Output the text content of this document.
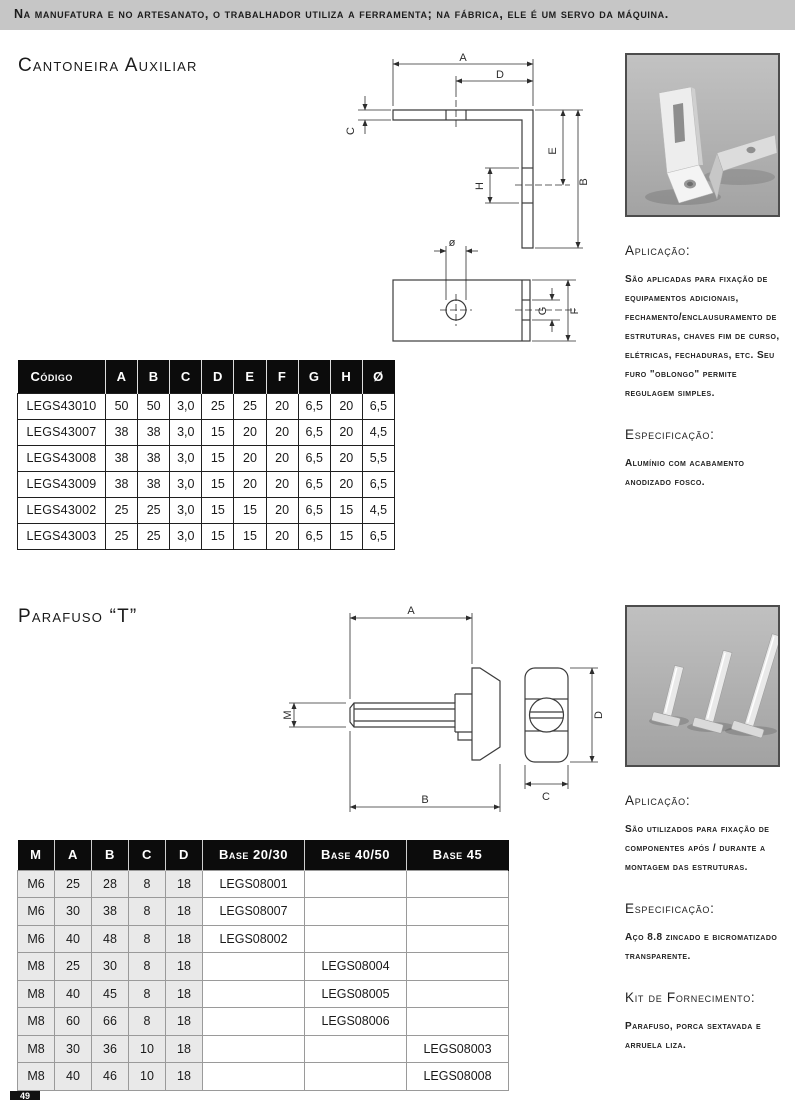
Na manufatura e no artesanato, o trabalhador utiliza a ferramenta; na fábrica, ele é um servo da máquina.
Cantoneira Auxiliar	A
D
C
E
B
H
ø
G F
Aplicação:

São aplicadas para fixação de equipamentos adicionais, fechamento/enclausuramento de estruturas, chaves fim de curso, elétricas, fechaduras, etc. Seu furo "oblongo" permite regulagem simples.

Especificação:

Alumínio com acabamento anodizado fosco.

Código	A	B	C	D	E	F	G	H	Ø
LEGS43010	50	50	3,0	25	25	20	6,5	20	6,5
LEGS43007	38	38	3,0	15	20	20	6,5	20	4,5
LEGS43008	38	38	3,0	15	20	20	6,5	20	5,5
LEGS43009	38	38	3,0	15	20	20	6,5	20	6,5
LEGS43002	25	25	3,0	15	15	20	6,5	15	4,5
LEGS43003	25	25	3,0	15	15	20	6,5	15	6,5
Parafuso “T”	A
M
B
D
C	Aplicação:

São utilizados para fixação de componentes após / durante a montagem das estruturas.

Especificação:

Aço 8.8 zincado e bicromatizado transparente.

Kit de Fornecimento:

Parafuso, porca sextavada e arruela liza.

M	A	B	C	D	Base 20/30	Base 40/50	Base 45
M6	25	28	8	18	LEGS08001		
M6	30	38	8	18	LEGS08007		
M6	40	48	8	18	LEGS08002		
M8	25	30	8	18		LEGS08004	
M8	40	45	8	18		LEGS08005	
M8	60	66	8	18		LEGS08006	
M8	30	36	10	18			LEGS08003
M8	40	46	10	18			LEGS08008
49
